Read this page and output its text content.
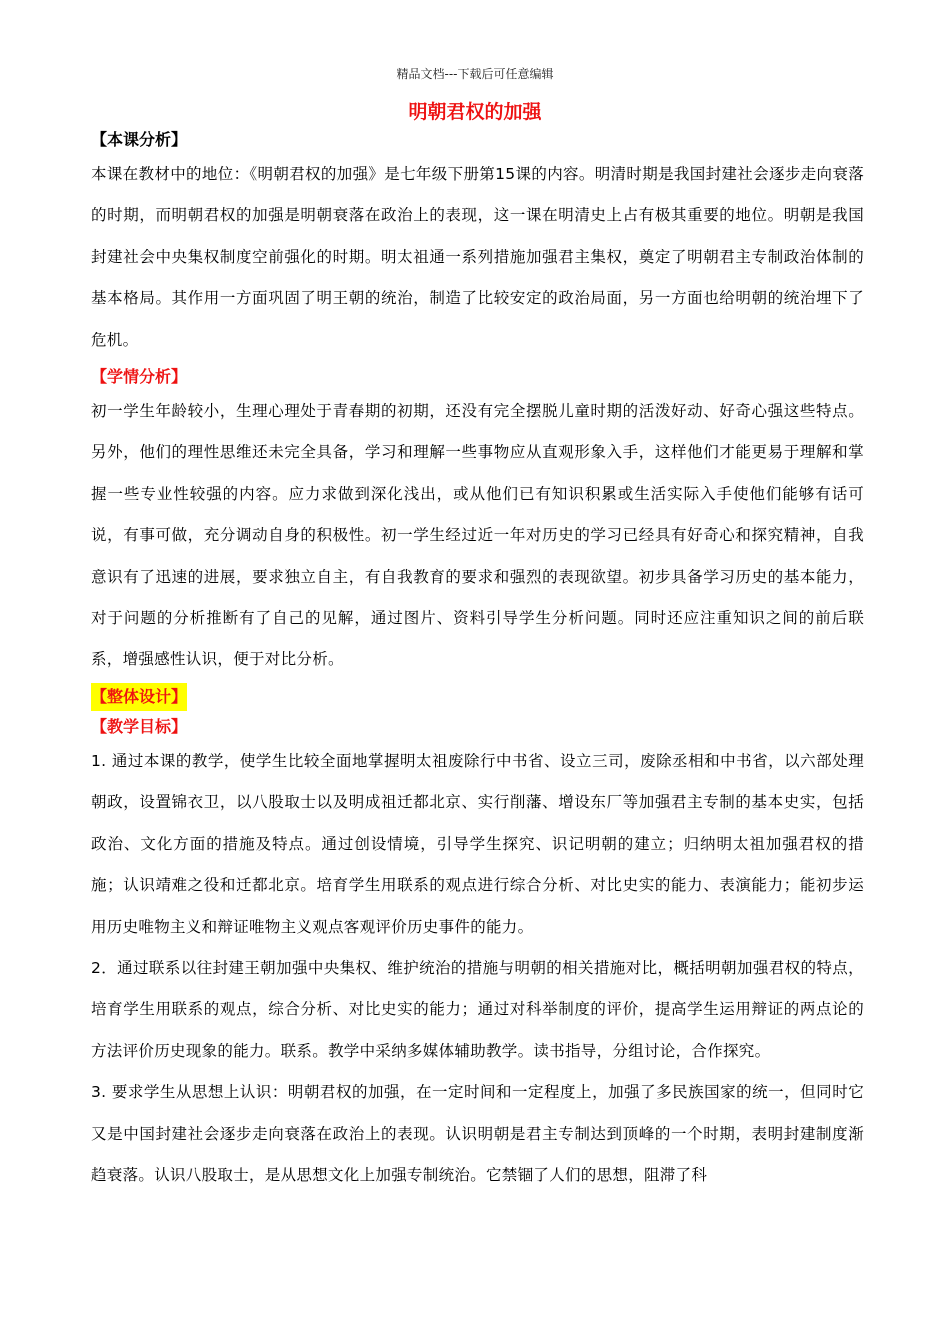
精品文档---下载后可任意编辑
明朝君权的加强

【本课分析】

本课在教材中的地位：《明朝君权的加强》是七年级下册第15课的内容。明清时期是我国封建社会逐步走向衰落的时期，而明朝君权的加强是明朝衰落在政治上的表现，这一课在明清史上占有极其重要的地位。明朝是我国封建社会中央集权制度空前强化的时期。明太祖通一系列措施加强君主集权，奠定了明朝君主专制政治体制的基本格局。其作用一方面巩固了明王朝的统治，制造了比较安定的政治局面，另一方面也给明朝的统治埋下了危机。

【学情分析】

初一学生年龄较小，生理心理处于青春期的初期，还没有完全摆脱儿童时期的活泼好动、好奇心强这些特点。另外，他们的理性思维还未完全具备，学习和理解一些事物应从直观形象入手，这样他们才能更易于理解和掌握一些专业性较强的内容。应力求做到深化浅出，或从他们已有知识积累或生活实际入手使他们能够有话可说，有事可做，充分调动自身的积极性。初一学生经过近一年对历史的学习已经具有好奇心和探究精神，自我意识有了迅速的进展，要求独立自主，有自我教育的要求和强烈的表现欲望。初步具备学习历史的基本能力，对于问题的分析推断有了自己的见解，通过图片、资料引导学生分析问题。同时还应注重知识之间的前后联系，增强感性认识，便于对比分析。

【整体设计】

【教学目标】

1. 通过本课的教学，使学生比较全面地掌握明太祖废除行中书省、设立三司，废除丞相和中书省，以六部处理朝政，设置锦衣卫，以八股取士以及明成祖迁都北京、实行削藩、增设东厂等加强君主专制的基本史实，包括政治、文化方面的措施及特点。通过创设情境，引导学生探究、识记明朝的建立；归纳明太祖加强君权的措施；认识靖难之役和迁都北京。培育学生用联系的观点进行综合分析、对比史实的能力、表演能力；能初步运用历史唯物主义和辩证唯物主义观点客观评价历史事件的能力。

2．通过联系以往封建王朝加强中央集权、维护统治的措施与明朝的相关措施对比，概括明朝加强君权的特点，培育学生用联系的观点，综合分析、对比史实的能力；通过对科举制度的评价，提高学生运用辩证的两点论的方法评价历史现象的能力。联系。教学中采纳多媒体辅助教学。读书指导，分组讨论，合作探究。

3. 要求学生从思想上认识：明朝君权的加强，在一定时间和一定程度上，加强了多民族国家的统一，但同时它又是中国封建社会逐步走向衰落在政治上的表现。认识明朝是君主专制达到顶峰的一个时期，表明封建制度渐趋衰落。认识八股取士，是从思想文化上加强专制统治。它禁锢了人们的思想，阻滞了科
